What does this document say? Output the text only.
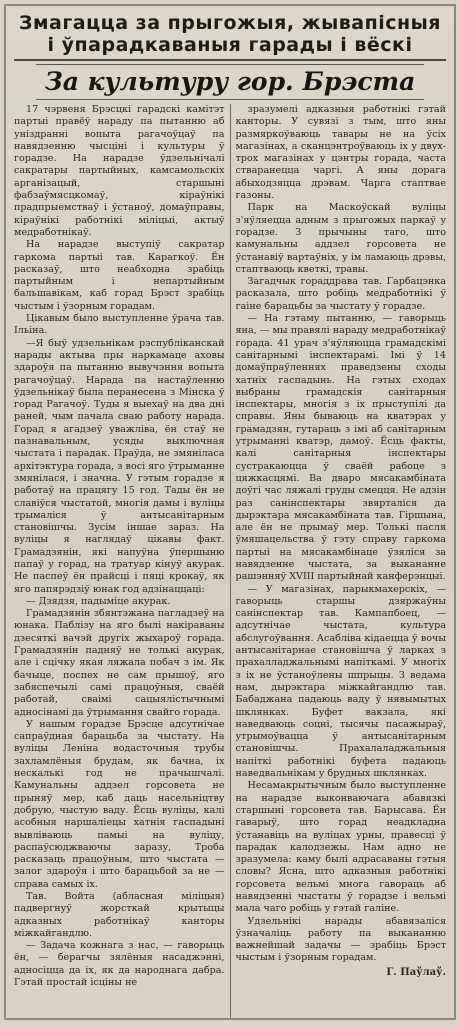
Змагацца за прыгожыя, жывапісныя
і ўпарадкаваныя гарады і вёскі
За культуру гор. Брэста

17 чэрвеня Брэсцкі гарадскі камітэт партыі правёў нараду па пытанню аб уніздранні вопыта рагачоўцаў па навядзенню чысціні і культуры ў горадзе. На нарадзе ўдзельнічалі сакратары партыйных, камсамольскіх арганізацый, старшыні фабзаўмясцкомаў, кіраўнікі прадпрыемстваў і ўстаноў, домаўправы, кіраўнікі работнікі міліцыі, актыў медработнікаў.

На нарадзе выступіў сакратар гаркома партыі тав. Карагкоў. Ён расказаў, што неабходна зрабіць партыйным і непартыйным бальшавікам, каб горад Брэст зрабіць чыстым і ўзорным горадам.

Цікавым было выступленне ўрача тав. Ільіна.

—Я быў удзельнікам рэспубліканскай нарады актыва пры наркамаце аховы здароўя па пытанню вывучэння вопыта рагачоўцаў. Нарада па настаўленню ўдзельнікаў была перанесена з Мінска ў горад Рагачоў. Туды я выехаў на два дні раней, чым пачала сваю работу нарада. Горад я агадзеў уважліва, ён стаў не пазнавальным, усяды выключная чыстата і парадак. Праўда, не змяніласа архітэктура горада, з восі яго ўтрыманне змянілася, і значна. У гэтым горадзе я работаў на працягу 15 год. Тады ён не славіўся чыстатой, многія дамы і вуліцы трымаліся ў антысанітарным становішчы. Зусім іншае зараз. На вуліцы я наглядаў цікавы факт. Грамадзянін, які напуўна ўпершыню папаў у горад, на тратуар кінуў акурак. Не паспеў ён прайсці і пяці крокаў, як яго папярэдзіў юнак год адзінаццаці:

— Дзядзя, падыміце акурак.

Грамадзянін збянтэжана пагладзеў на юнака. Паблізу на яго былі накіраваны дзесяткі вачэй другіх жыхароў горада. Грамадзянін падняў не толькі акурак, але і сцічку якая ляжала побач з ім. Як бачыце, поспех не сам прышоў, яго забяспечылі самі працоўныя, сваёй работай, сваімі сацыялістычнымі адносінамі да ўтрымання свайго горада.

У нашым горадзе Брэсце адсутнічае сапраўдная барацьба за чыстату. На вуліцы Леніна водасточныя трубы захламлёныя брудам, як бачна, іх нескалькі год не прачышчалі. Камунальны аддзел горсовета не прыняў мер, каб даць насельніцтву добрую, чыстую ваду. Ёсць вуліцы, калі асобныя наршаліецы хатнія гаспадыні вывліваюць памыі на вуліцу, распаўсюджваючы заразу, Троба расказаць працоўным, што чыстата — залог здароўя і што барацьбой за не — справа самых іх.

Тав. Войта (абласная міліцыя) падвергнуў жорсткай крытыцы адказных работнікаў канторы міжкайгандлю.

— Задача кожнага з нас, — гаворыць ён, — берагчы зялёныя насаджэнні, адносіцца да іх, як да народнага дабра. Гэтай простай ісціны не

зразумелі адказныя работнікі гэтай канторы. У сувязі з тым, што яны размяркоўваюць тавары не на ўсіх магазінах, а сканцэнтроўваюць іх у двух-трох магазінах у цэнтры горада, часта стваранецца чаргі. А яны дорага абыходзяцца дрэвам. Чарга стаптвае газоны.

Парк на Маскоўскай вуліцы з'яўляецца адным з прыгожых паркаў у горадзе. З прычыны таго, што камунальны аддзел горсовета не ўстанавіў вартаўніх, у ім ламаюць дрэвы, стаптваюць кветкі, травы.

Загадчык гораддрава тав. Гарбацэнка расказала, што робіць медработнікі ў гаіне барацьбы за чыстату ў горадзе.

— На гэтаму пытанню, — гаворыць яна, — мы правялі нараду медработнікаў горада. 41 урач з'яўляюцца грамадскімі санітарнымі інспектарамі. Імі ў 14 домаўпраўленнях праведзены сходы хатніх гаспадынь. На гэтых сходах выбраны грамадскія санітарныя інспектары, многія з іх прыступілі да справы. Яны бываюць на кватэрах у грамадзян, гутараць з імі аб санітарным утрыманні кватэр, дамоў. Ёсць факты, калі санітарныя інспектары сустракаюцца ў сваёй рабоце з цяжкасцямі. Ва дваро мясакамбіната доўгі час ляжалі груды смецця. Не адзін раз санінспектары звярталіся да дырэктара мясакамбіната тав. Гіршына, але ён не прымаў мер. Толькі пасля ўмяшацельства ў гэту справу гаркома партыі на мясакамбінаце ўзяліся за навядзенне чыстата, за выкананне рашэнняў XVIII партыйнай канферэнцыі.

— У магазінах, парыкмахерскіх, — гаворыць старшы дзяржаўны санінспектар тав. Кампапбоец, — адсутнічае чыстата, культура абслугоўвання. Асабліва кідаецца ў вочы антысанітарнае становішча ў ларках з прахалладжальнымі напіткамі. У многіх з іх не ўстаноўлены шпрыцы. З ведама нам, дырэктара міжкайгандлю тав. Бабаджана падаюць ваду ў нявымытых шклянках. Буфет вакзала, які наведваюць соцні, тысячы пасажыраў, утрымоўвацца ў антысанітарным становішчы. Прахалаладжальныя напіткі работнікі буфета падаюць наведвальнікам у брудных шклянках.

Несамакрытычным было выступленне на нарадзе выконваючага абавязкі старшыні горсовета тав. Барысава. Ён гаварыў, што горад неадкладна ўстанавіць на вуліцах урны, правесці ў парадак калодзежы. Нам адно не зразумела: каму былі адрасаваны гэтыя словы? Ясна, што адказныя работнікі горсовета вельмі многа гавораць аб навядзенні чыстаты ў горадзе і вельмі мала чаго робіць у гэтай галіне.

Удзельнікі нарады абавязаліся ўзначаліць работу па выкананню важнейшай задачы — зрабіць Брэст чыстым і ўзорным горадам.

Г. Паўлаў.
